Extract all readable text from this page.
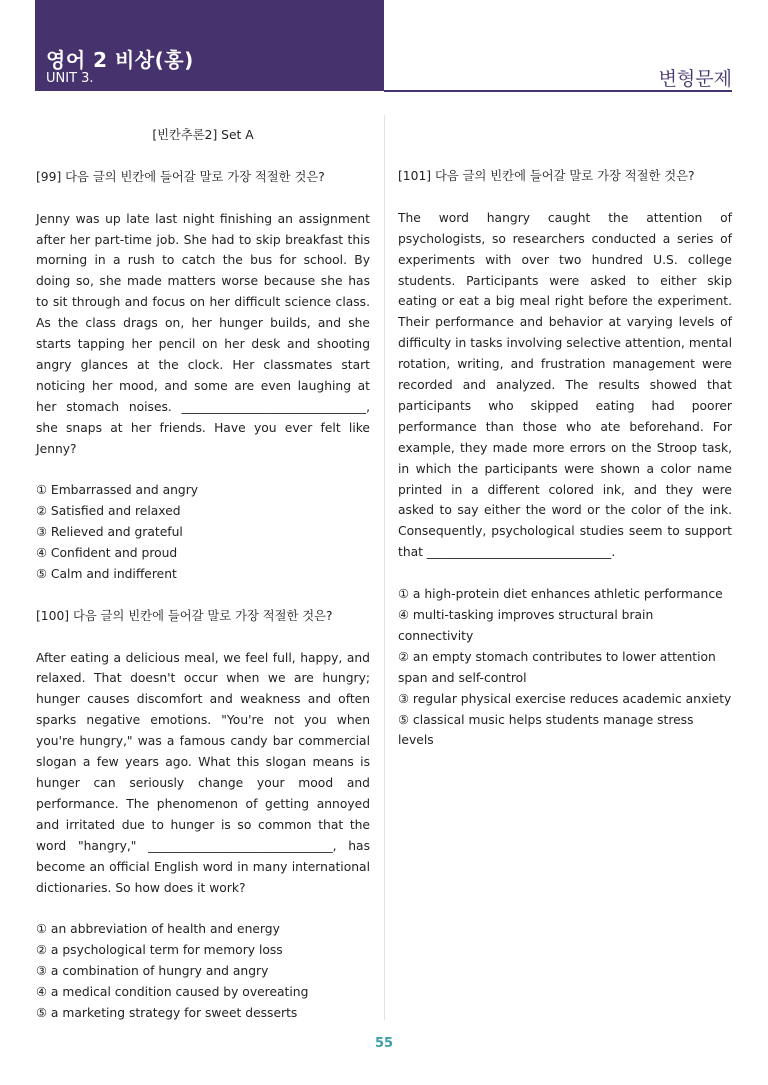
영어 2 비상(홍)
UNIT 3.	변형문제
[빈칸추론2] Set A
[99] 다음 글의 빈칸에 들어갈 말로 가장 적절한 것은?
Jenny was up late last night finishing an assignment after her part-time job. She had to skip breakfast this morning in a rush to catch the bus for school. By doing so, she made matters worse because she has to sit through and focus on her difficult science class. As the class drags on, her hunger builds, and she starts tapping her pencil on her desk and shooting angry glances at the clock. Her classmates start noticing her mood, and some are even laughing at her stomach noises. ______________________________, she snaps at her friends. Have you ever felt like Jenny?
① Embarrassed and angry
② Satisfied and relaxed
③ Relieved and grateful
④ Confident and proud
⑤ Calm and indifferent
[100] 다음 글의 빈칸에 들어갈 말로 가장 적절한 것은?
After eating a delicious meal, we feel full, happy, and relaxed. That doesn't occur when we are hungry; hunger causes discomfort and weakness and often sparks negative emotions. "You're not you when you're hungry," was a famous candy bar commercial slogan a few years ago. What this slogan means is hunger can seriously change your mood and performance. The phenomenon of getting annoyed and irritated due to hunger is so common that the word "hangry," ______________________________, has become an official English word in many international dictionaries. So how does it work?
① an abbreviation of health and energy
② a psychological term for memory loss
③ a combination of hungry and angry
④ a medical condition caused by overeating
⑤ a marketing strategy for sweet desserts
[101] 다음 글의 빈칸에 들어갈 말로 가장 적절한 것은?
The word hangry caught the attention of psychologists, so researchers conducted a series of experiments with over two hundred U.S. college students. Participants were asked to either skip eating or eat a big meal right before the experiment. Their performance and behavior at varying levels of difficulty in tasks involving selective attention, mental rotation, writing, and frustration management were recorded and analyzed. The results showed that participants who skipped eating had poorer performance than those who ate beforehand. For example, they made more errors on the Stroop task, in which the participants were shown a color name printed in a different colored ink, and they were asked to say either the word or the color of the ink. Consequently, psychological studies seem to support that ______________________________.
① a high-protein diet enhances athletic performance
④ multi-tasking improves structural brain connectivity
② an empty stomach contributes to lower attention span and self-control
③ regular physical exercise reduces academic anxiety
⑤ classical music helps students manage stress levels
55
